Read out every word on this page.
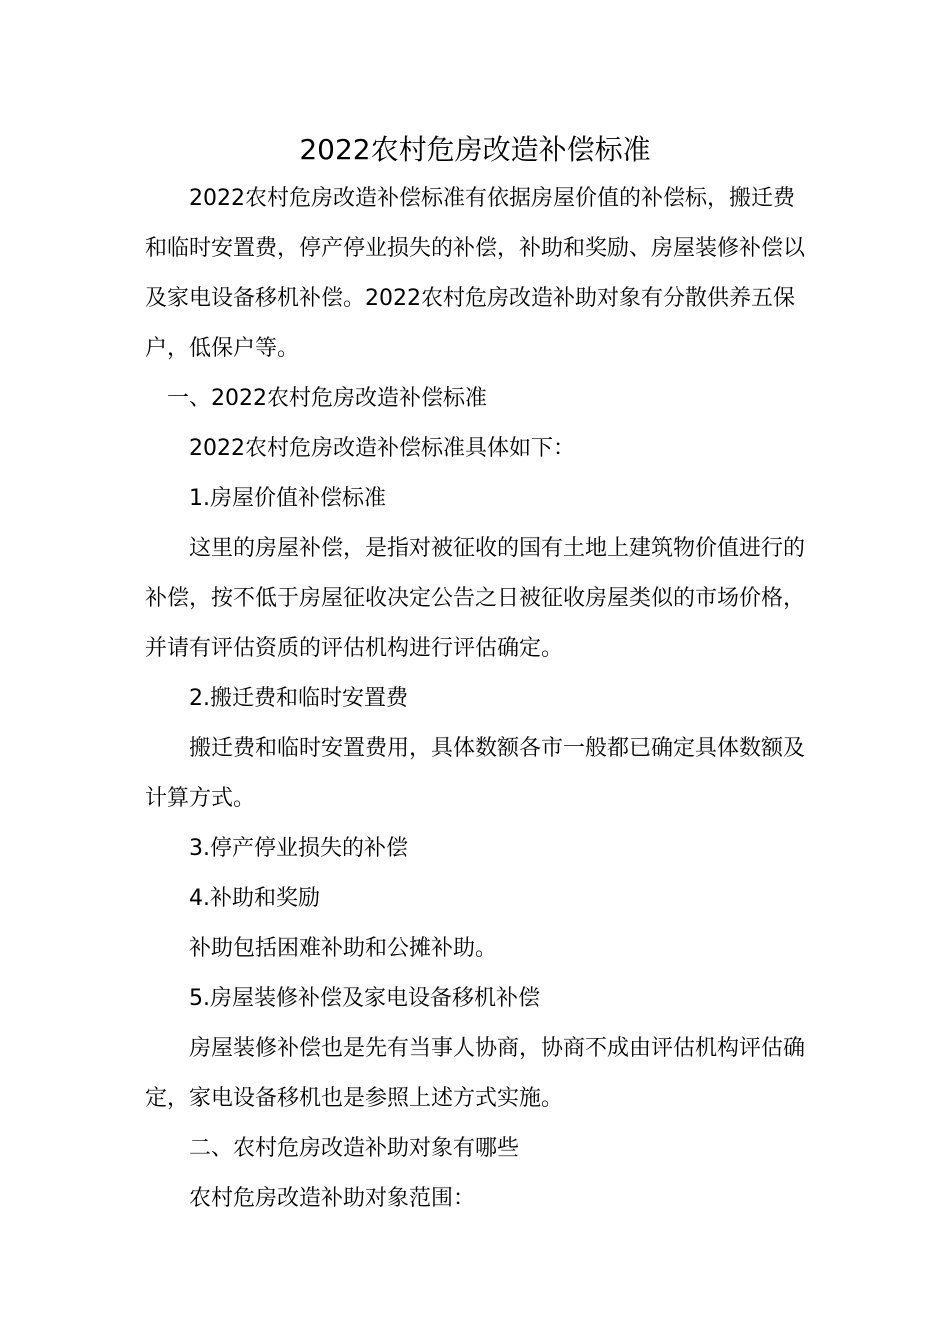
2022农村危房改造补偿标准

2022农村危房改造补偿标准有依据房屋价值的补偿标，搬迁费和临时安置费，停产停业损失的补偿，补助和奖励、房屋装修补偿以及家电设备移机补偿。2022农村危房改造补助对象有分散供养五保户，低保户等。

一、2022农村危房改造补偿标准

2022农村危房改造补偿标准具体如下：

1.房屋价值补偿标准

这里的房屋补偿，是指对被征收的国有土地上建筑物价值进行的补偿，按不低于房屋征收决定公告之日被征收房屋类似的市场价格，并请有评估资质的评估机构进行评估确定。

2.搬迁费和临时安置费

搬迁费和临时安置费用，具体数额各市一般都已确定具体数额及计算方式。

3.停产停业损失的补偿

4.补助和奖励

补助包括困难补助和公摊补助。

5.房屋装修补偿及家电设备移机补偿

房屋装修补偿也是先有当事人协商，协商不成由评估机构评估确定，家电设备移机也是参照上述方式实施。

二、农村危房改造补助对象有哪些

农村危房改造补助对象范围：
